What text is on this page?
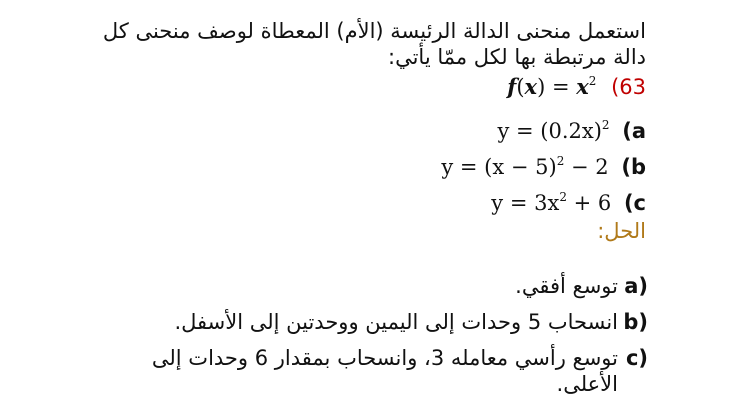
استعمل منحنى الدالة الرئيسة (الأم) المعطاة لوصف منحنى كل
دالة مرتبطة بها لكل ممّا يأتي:
(63 $f(x) = x^2$
(a $y = (0.2x)^2$
(b $y = (x - 5)^2 - 2$
(c $y = 3x^2 + 6$
الحل:
a)
توسع أفقي.
b)
انسحاب 5 وحدات إلى اليمين ووحدتين إلى الأسفل.
c)
توسع رأسي معامله 3، وانسحاب بمقدار 6 وحدات إلى
الأعلى.
